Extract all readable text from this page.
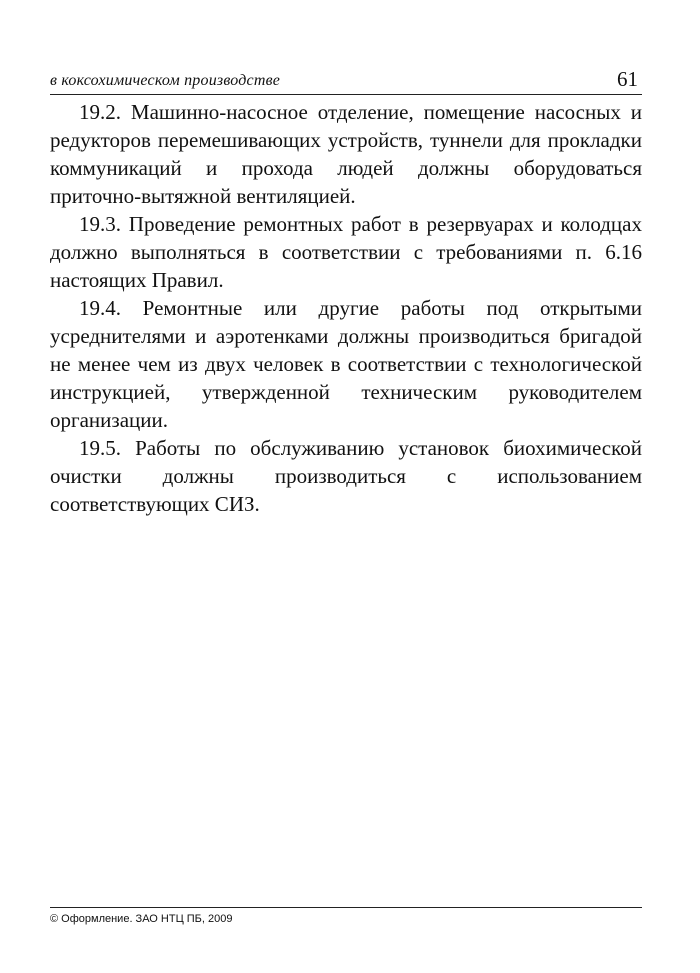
в коксохимическом производстве	61

19.2. Машинно-насосное отделение, помещение насосных и редукторов перемешивающих устройств, туннели для прокладки коммуникаций и прохода людей должны оборудоваться приточно-вытяжной вентиляцией.

19.3. Проведение ремонтных работ в резервуарах и колодцах должно выполняться в соответствии с требованиями п. 6.16 настоящих Правил.

19.4. Ремонтные или другие работы под открытыми усреднителями и аэротенками должны производиться бригадой не менее чем из двух человек в соответствии с технологической инструкцией, утвержденной техническим руководителем организации.

19.5. Работы по обслуживанию установок биохимической очистки должны производиться с использованием соответствующих СИЗ.

© Оформление. ЗАО НТЦ ПБ, 2009
